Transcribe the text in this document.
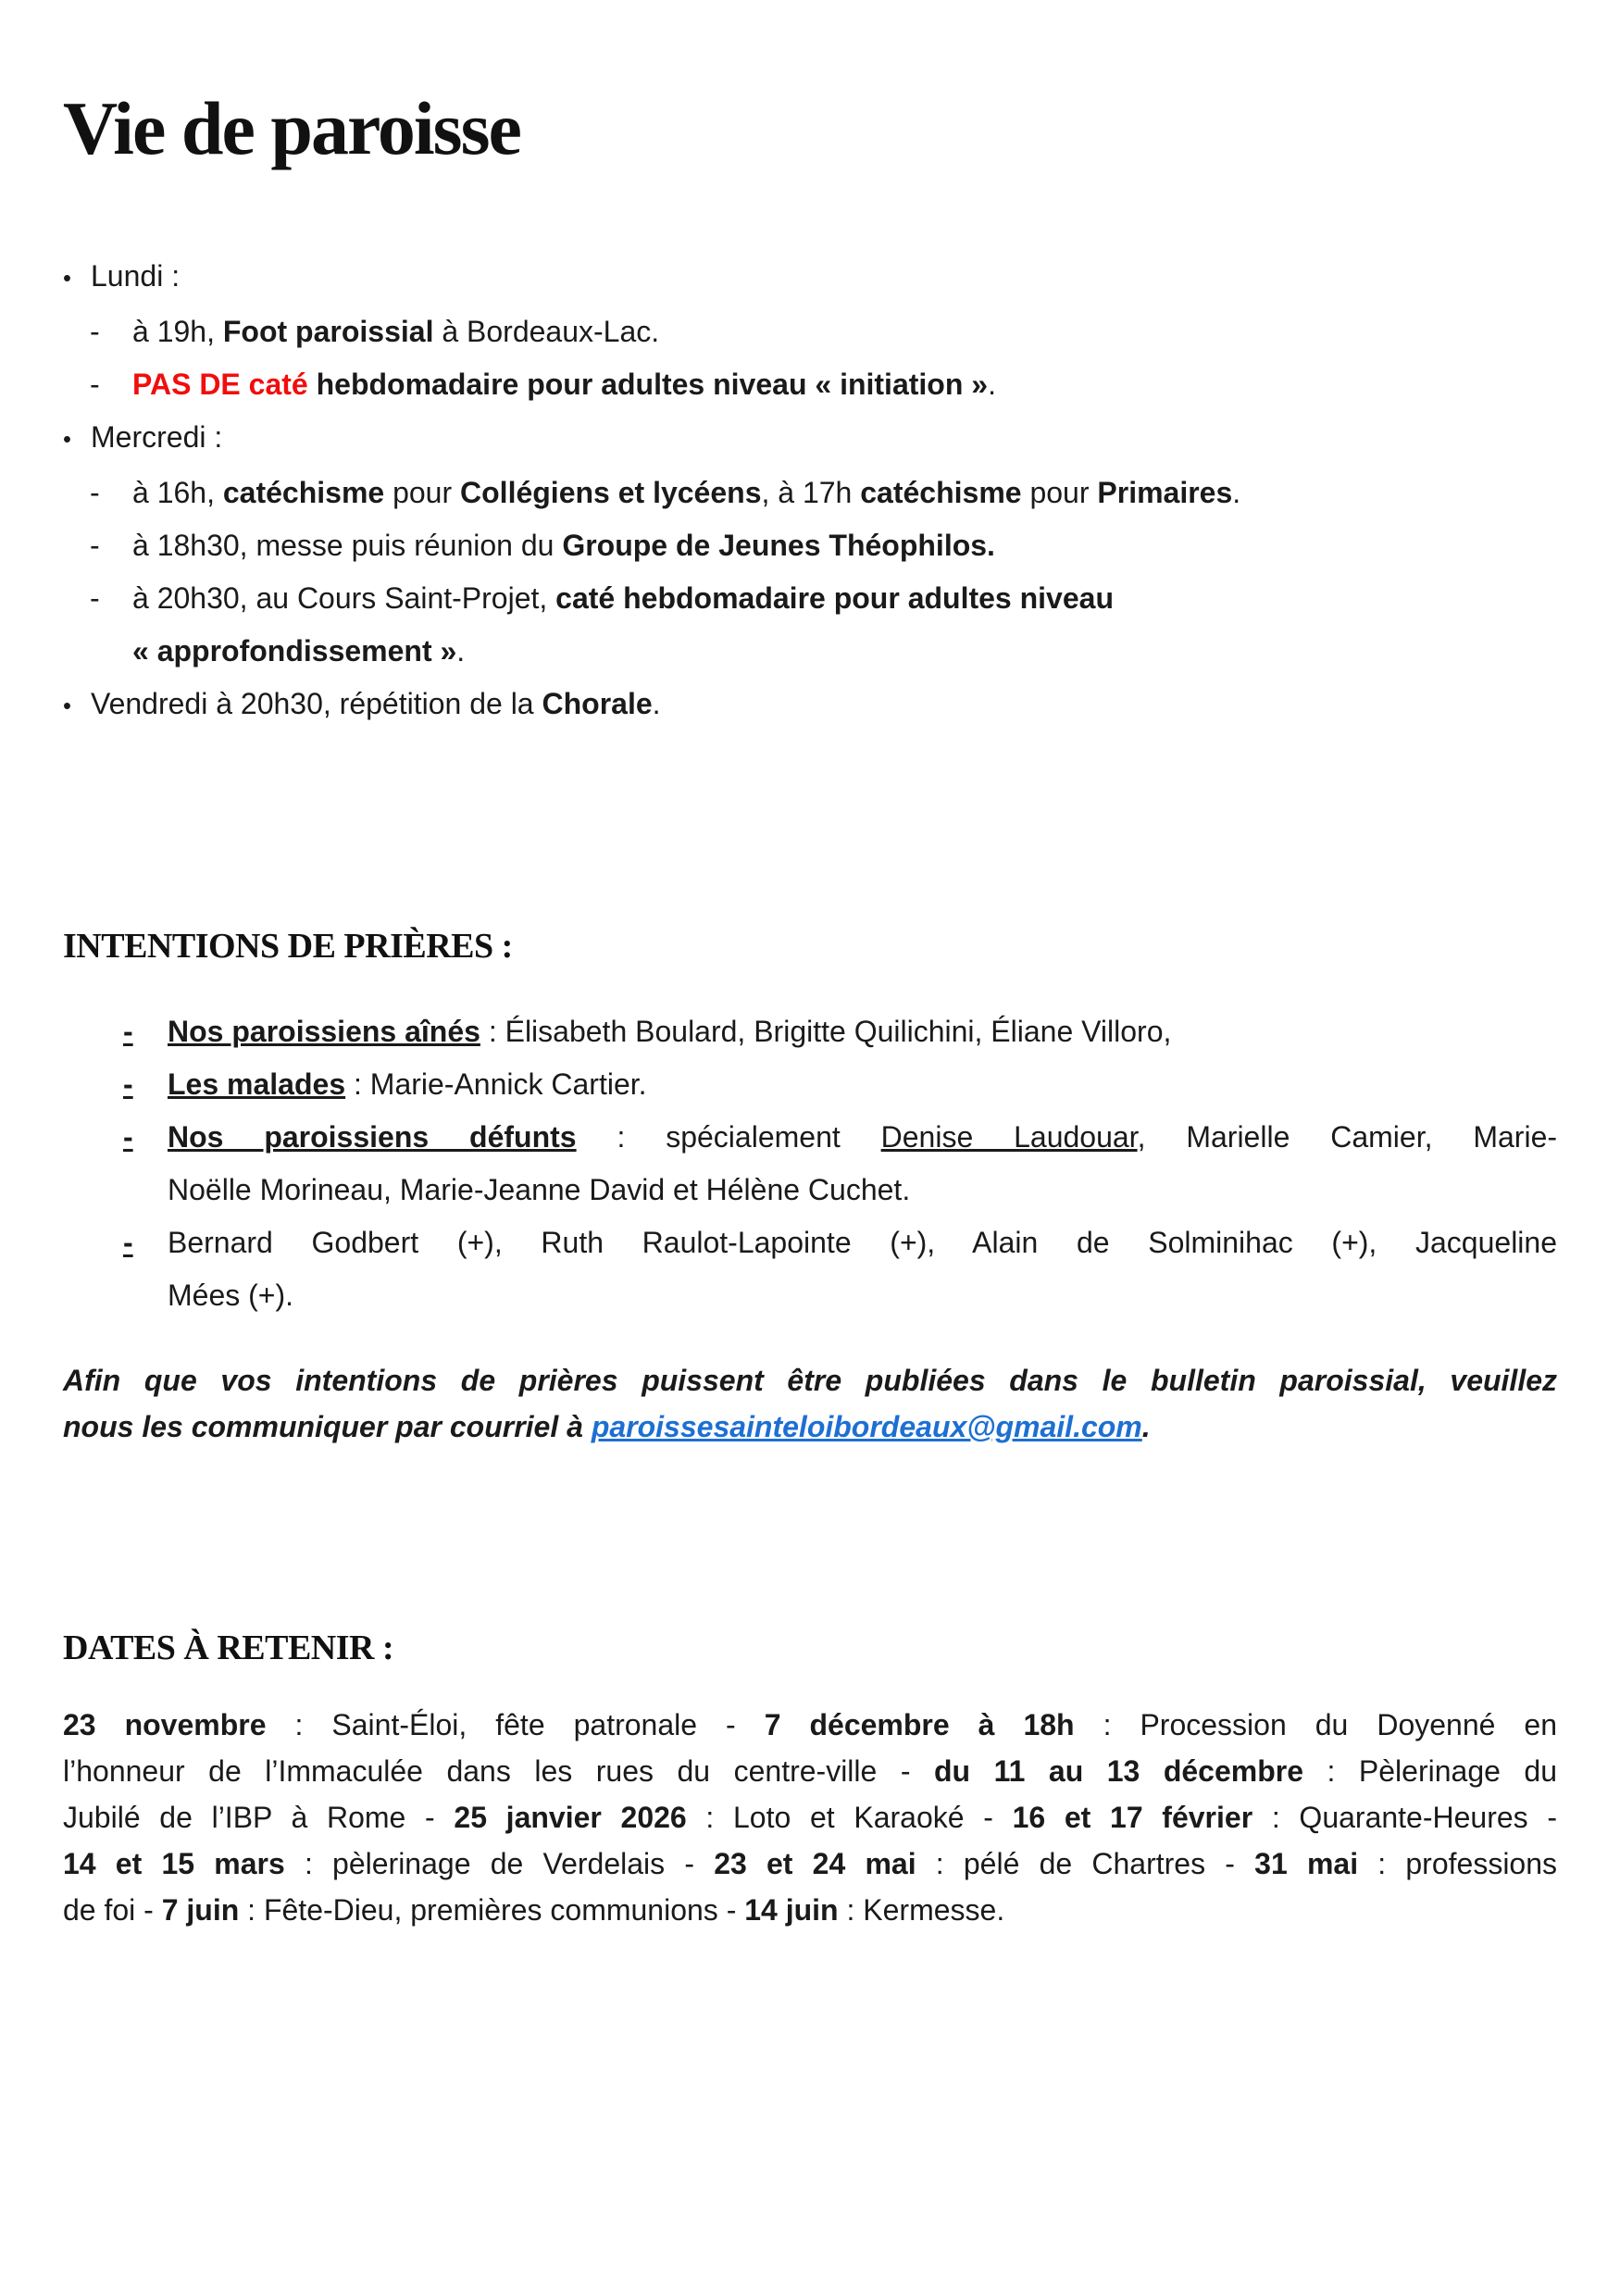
Vie de paroisse
• Lundi :
-	à 19h, Foot paroissial à Bordeaux-Lac.
-	PAS DE caté hebdomadaire pour adultes niveau « initiation ».
• Mercredi :
-	à 16h, catéchisme pour Collégiens et lycéens, à 17h catéchisme pour Primaires.
-	à 18h30, messe puis réunion du Groupe de Jeunes Théophilos.
-	à 20h30, au Cours Saint-Projet, caté hebdomadaire pour adultes niveau
« approfondissement ».
• Vendredi à 20h30, répétition de la Chorale.
INTENTIONS DE PRIÈRES :
-	Nos paroissiens aînés : Élisabeth Boulard, Brigitte Quilichini, Éliane Villoro,
-	Les malades : Marie-Annick Cartier.
-	Nos paroissiens défunts : spécialement Denise Laudouar, Marielle Camier, Marie-
Noëlle Morineau, Marie-Jeanne David et Hélène Cuchet.
-	Bernard Godbert (+), Ruth Raulot-Lapointe (+), Alain de Solminihac (+), Jacqueline
Mées (+).
Afin que vos intentions de prières puissent être publiées dans le bulletin paroissial, veuillez
nous les communiquer par courriel à paroissesainteloibordeaux@gmail.com.
DATES À RETENIR :
23 novembre : Saint-Éloi, fête patronale - 7 décembre à 18h : Procession du Doyenné en
l’honneur de l’Immaculée dans les rues du centre-ville - du 11 au 13 décembre : Pèlerinage du
Jubilé de l’IBP à Rome - 25 janvier 2026 : Loto et Karaoké - 16 et 17 février : Quarante-Heures -
14 et 15 mars : pèlerinage de Verdelais - 23 et 24 mai : pélé de Chartres - 31 mai : professions
de foi - 7 juin : Fête-Dieu, premières communions - 14 juin : Kermesse.
